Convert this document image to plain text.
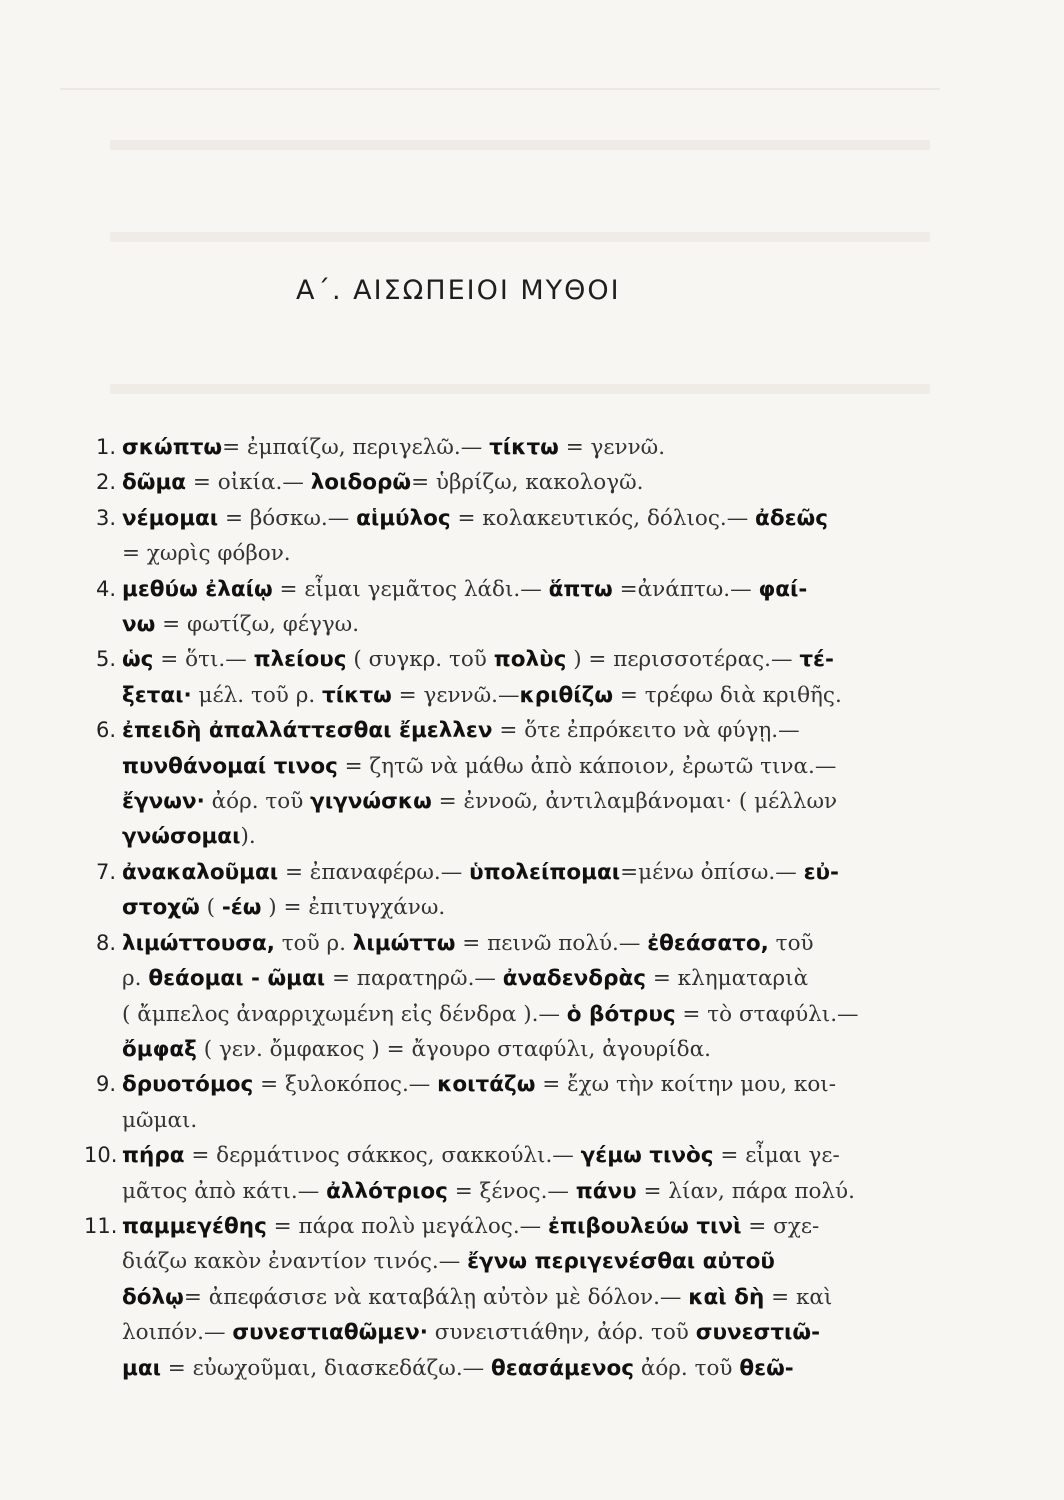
Α΄. ΑΙΣΩΠΕΙΟΙ ΜΥΘΟΙ
1. σκώπτω= ἐμπαίζω, περιγελῶ.— τίκτω = γεννῶ.
2. δῶμα = οἰκία.— λοιδορῶ= ὑβρίζω, κακολογῶ.
3. νέμομαι = βόσκω.— αἱμύλος = κολακευτικός, δόλιος.— ἀδεῶς
= χωρὶς φόβον.
4. μεθύω ἐλαίῳ = εἶμαι γεμᾶτος λάδι.— ἅπτω =ἀνάπτω.— φαί-
νω = φωτίζω, φέγγω.
5. ὡς = ὅτι.— πλείους ( συγκρ. τοῦ πολὺς ) = περισσοτέρας.— τέ-
ξεται· μέλ. τοῦ ρ. τίκτω = γεννῶ.—κριθίζω = τρέφω διὰ κριθῆς.
6. ἐπειδὴ ἀπαλλάττεσθαι ἔμελλεν = ὅτε ἐπρόκειτο νὰ φύγῃ.—
πυνθάνομαί τινος = ζητῶ νὰ μάθω ἀπὸ κάποιον, ἐρωτῶ τινα.—
ἔγνων· ἀόρ. τοῦ γιγνώσκω = ἐννοῶ, ἀντιλαμβάνομαι· ( μέλλων
γνώσομαι).
7. ἀνακαλοῦμαι = ἐπαναφέρω.— ὑπολείπομαι=μένω ὀπίσω.— εὐ-
στοχῶ ( -έω ) = ἐπιτυγχάνω.
8. λιμώττουσα, τοῦ ρ. λιμώττω = πεινῶ πολύ.— ἐθεάσατο, τοῦ
ρ. θεάομαι - ῶμαι = παρατηρῶ.— ἀναδενδρὰς = κληματαριὰ
( ἄμπελος ἀναρριχωμένη εἰς δένδρα ).— ὁ βότρυς = τὸ σταφύλι.—
ὄμφαξ ( γεν. ὄμφακος ) = ἄγουρο σταφύλι, ἀγουρίδα.
9. δρυοτόμος = ξυλοκόπος.— κοιτάζω = ἔχω τὴν κοίτην μου, κοι-
μῶμαι.
10. πήρα = δερμάτινος σάκκος, σακκούλι.— γέμω τινὸς = εἶμαι γε-
μᾶτος ἀπὸ κάτι.— ἀλλότριος = ξένος.— πάνυ = λίαν, πάρα πολύ.
11. παμμεγέθης = πάρα πολὺ μεγάλος.— ἐπιβουλεύω τινὶ = σχε-
διάζω κακὸν ἐναντίον τινός.— ἔγνω περιγενέσθαι αὐτοῦ
δόλῳ= ἀπεφάσισε νὰ καταβάλῃ αὐτὸν μὲ δόλον.— καὶ δὴ = καὶ
λοιπόν.— συνεστιαθῶμεν· συνειστιάθην, ἀόρ. τοῦ συνεστιῶ-
μαι = εὐωχοῦμαι, διασκεδάζω.— θεασάμενος ἀόρ. τοῦ θεῶ-
